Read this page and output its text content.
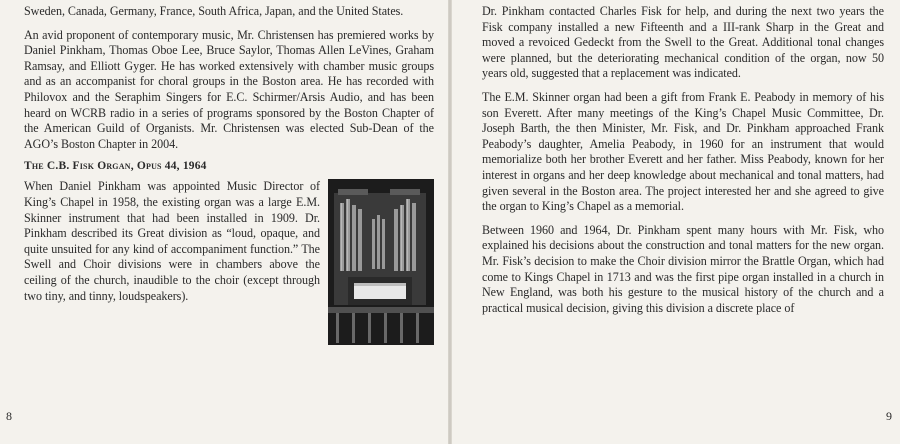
Sweden, Canada, Germany, France, South Africa, Japan, and the United States.

An avid proponent of contemporary music, Mr. Christensen has premiered works by Daniel Pinkham, Thomas Oboe Lee, Bruce Saylor, Thomas Allen LeVines, Graham Ramsay, and Elliott Gyger. He has worked extensively with chamber music groups and as an accompanist for choral groups in the Boston area. He has recorded with Philovox and the Seraphim Singers for E.C. Schirmer/Arsis Audio, and has been heard on WCRB radio in a series of programs sponsored by the Boston Chapter of the American Guild of Organists. Mr. Christensen was elected Sub-Dean of the AGO’s Boston Chapter in 2004.

The C.B. Fisk Organ, Opus 44, 1964

When Daniel Pinkham was appointed Music Director of King’s Chapel in 1958, the existing organ was a large E.M. Skinner instrument that had been installed in 1909. Dr. Pinkham described its Great division as “loud, opaque, and quite unsuited for any kind of accompaniment function.” The Swell and Choir divisions were in chambers above the ceiling of the church, inaudible to the choir (except through two tiny, and tinny, loudspeakers).

8

Dr. Pinkham contacted Charles Fisk for help, and during the next two years the Fisk company installed a new Fifteenth and a III-rank Sharp in the Great and moved a revoiced Gedeckt from the Swell to the Great. Additional tonal changes were planned, but the deteriorating mechanical condition of the organ, now 50 years old, suggested that a replacement was indicated.

The E.M. Skinner organ had been a gift from Frank E. Peabody in memory of his son Everett. After many meetings of the King’s Chapel Music Committee, Dr. Joseph Barth, the then Minister, Mr. Fisk, and Dr. Pinkham approached Frank Peabody’s daughter, Amelia Peabody, in 1960 for an instrument that would memorialize both her brother Everett and her father. Miss Peabody, known for her interest in organs and her deep knowledge about mechanical and tonal matters, had given several in the Boston area. The project interested her and she agreed to give the organ to King’s Chapel as a memorial.

Between 1960 and 1964, Dr. Pinkham spent many hours with Mr. Fisk, who explained his decisions about the construction and tonal matters for the new organ. Mr. Fisk’s decision to make the Choir division mirror the Brattle Organ, which had come to Kings Chapel in 1713 and was the first pipe organ installed in a church in New England, was both his gesture to the musical history of the church and a practical musical decision, giving this division a discrete place of

9
